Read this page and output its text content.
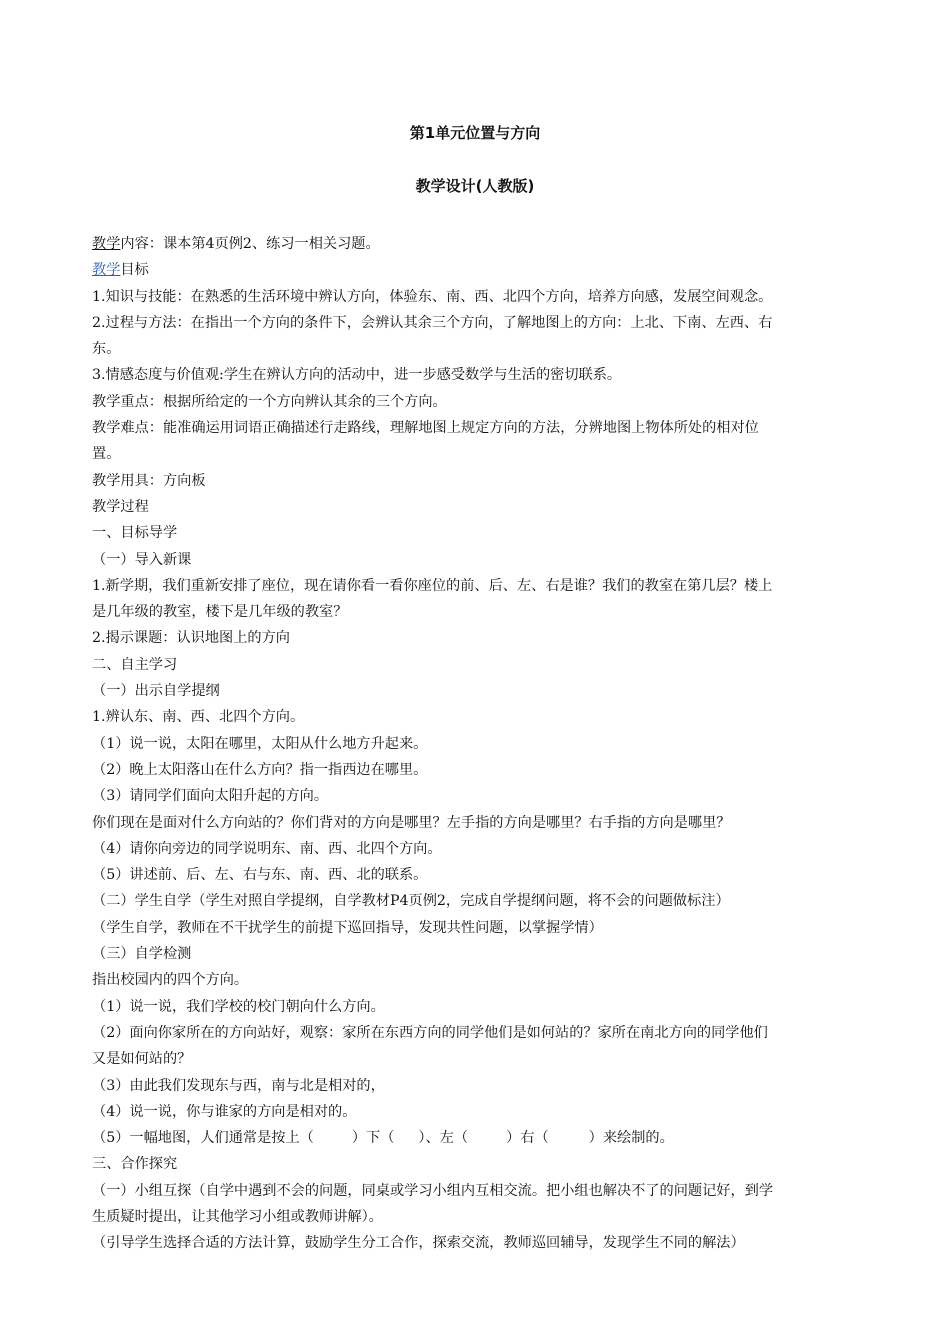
第1单元位置与方向
教学设计(人教版)

教学内容：课本第4页例2、练习一相关习题。

教学目标

1.知识与技能：在熟悉的生活环境中辨认方向，体验东、南、西、北四个方向，培养方向感，发展空间观念。

2.过程与方法：在指出一个方向的条件下，会辨认其余三个方向，了解地图上的方向：上北、下南、左西、右

东。

3.情感态度与价值观:学生在辨认方向的活动中，进一步感受数学与生活的密切联系。

教学重点：根据所给定的一个方向辨认其余的三个方向。

教学难点：能准确运用词语正确描述行走路线，理解地图上规定方向的方法，分辨地图上物体所处的相对位

置。

教学用具：方向板

教学过程

一、目标导学

（一）导入新课

1.新学期，我们重新安排了座位，现在请你看一看你座位的前、后、左、右是谁？我们的教室在第几层？楼上

是几年级的教室，楼下是几年级的教室？

2.揭示课题：认识地图上的方向

二、自主学习

（一）出示自学提纲

1.辨认东、南、西、北四个方向。

（1）说一说，太阳在哪里，太阳从什么地方升起来。

（2）晚上太阳落山在什么方向？指一指西边在哪里。

（3）请同学们面向太阳升起的方向。

你们现在是面对什么方向站的？你们背对的方向是哪里？左手指的方向是哪里？右手指的方向是哪里？

（4）请你向旁边的同学说明东、南、西、北四个方向。

（5）讲述前、后、左、右与东、南、西、北的联系。

（二）学生自学（学生对照自学提纲，自学教材P4页例2，完成自学提纲问题，将不会的问题做标注）

（学生自学，教师在不干扰学生的前提下巡回指导，发现共性问题，以掌握学情）

（三）自学检测

指出校园内的四个方向。

（1）说一说，我们学校的校门朝向什么方向。

（2）面向你家所在的方向站好，观察：家所在东西方向的同学他们是如何站的？家所在南北方向的同学他们

又是如何站的？

（3）由此我们发现东与西，南与北是相对的，

（4）说一说，你与谁家的方向是相对的。

（5）一幅地图，人们通常是按上（	）下（ ）、左（	）右（	）来绘制的。

三、合作探究

（一）小组互探（自学中遇到不会的问题，同桌或学习小组内互相交流。把小组也解决不了的问题记好，到学

生质疑时提出，让其他学习小组或教师讲解）。

（引导学生选择合适的方法计算，鼓励学生分工合作，探索交流，教师巡回辅导，发现学生不同的解法）
